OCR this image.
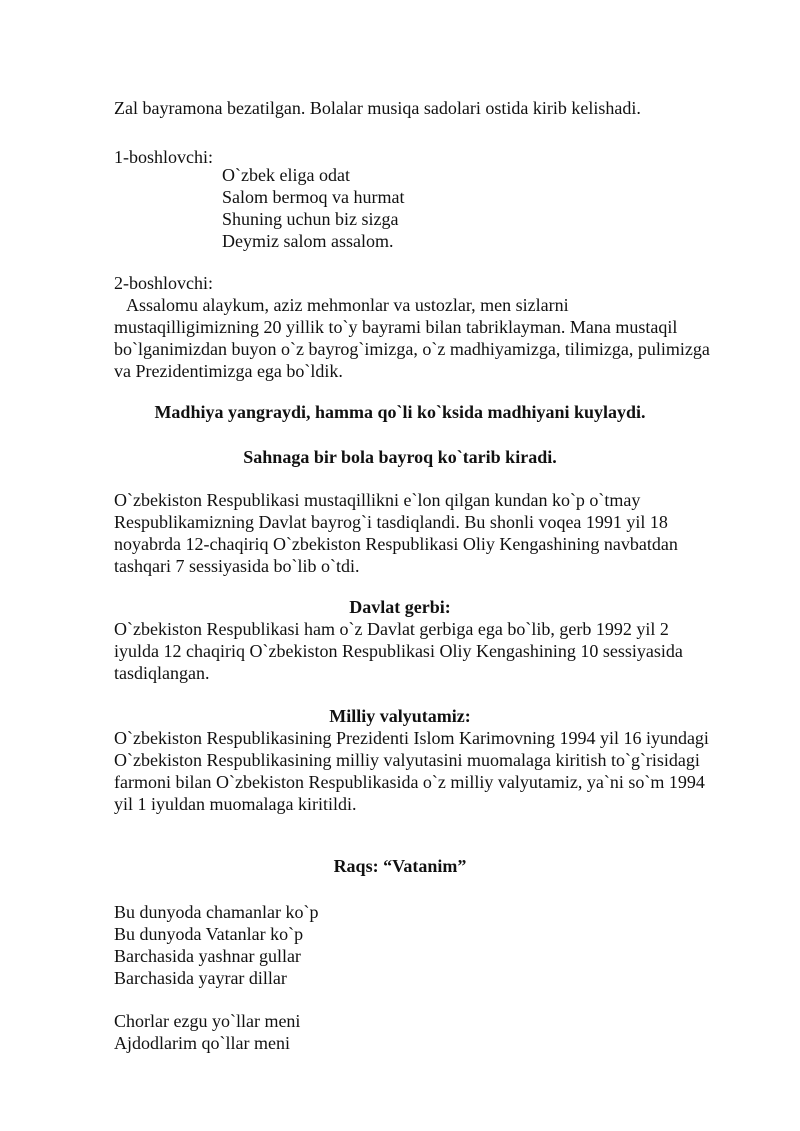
Zal bayramona bezatilgan. Bolalar musiqa sadolari ostida kirib kelishadi.
1-boshlovchi:
O`zbek eliga odat
Salom bermoq va hurmat
Shuning uchun biz sizga
Deymiz salom assalom.
2-boshlovchi:
Assalomu alaykum, aziz mehmonlar va ustozlar, men sizlarni
mustaqilligimizning 20 yillik to`y bayrami bilan tabriklayman. Mana mustaqil
bo`lganimizdan buyon o`z bayrog`imizga, o`z madhiyamizga, tilimizga, pulimizga
va Prezidentimizga ega bo`ldik.
Madhiya yangraydi, hamma qo`li ko`ksida madhiyani kuylaydi.
Sahnaga bir bola bayroq ko`tarib kiradi.
O`zbekiston Respublikasi mustaqillikni e`lon qilgan kundan ko`p o`tmay
Respublikamizning Davlat bayrog`i tasdiqlandi. Bu shonli voqea 1991 yil 18
noyabrda 12-chaqiriq O`zbekiston Respublikasi Oliy Kengashining navbatdan
tashqari 7 sessiyasida bo`lib o`tdi.
Davlat gerbi:
O`zbekiston Respublikasi ham o`z Davlat gerbiga ega bo`lib, gerb 1992 yil 2
iyulda 12 chaqiriq O`zbekiston Respublikasi Oliy Kengashining 10 sessiyasida
tasdiqlangan.
Milliy valyutamiz:
O`zbekiston Respublikasining Prezidenti Islom Karimovning 1994 yil 16 iyundagi
O`zbekiston Respublikasining milliy valyutasini muomalaga kiritish to`g`risidagi
farmoni bilan O`zbekiston Respublikasida o`z milliy valyutamiz, ya`ni so`m 1994
yil 1 iyuldan muomalaga kiritildi.
Raqs: “Vatanim”
Bu dunyoda chamanlar ko`p
Bu dunyoda Vatanlar ko`p
Barchasida yashnar gullar
Barchasida yayrar dillar
Chorlar ezgu yo`llar meni
Ajdodlarim qo`llar meni
